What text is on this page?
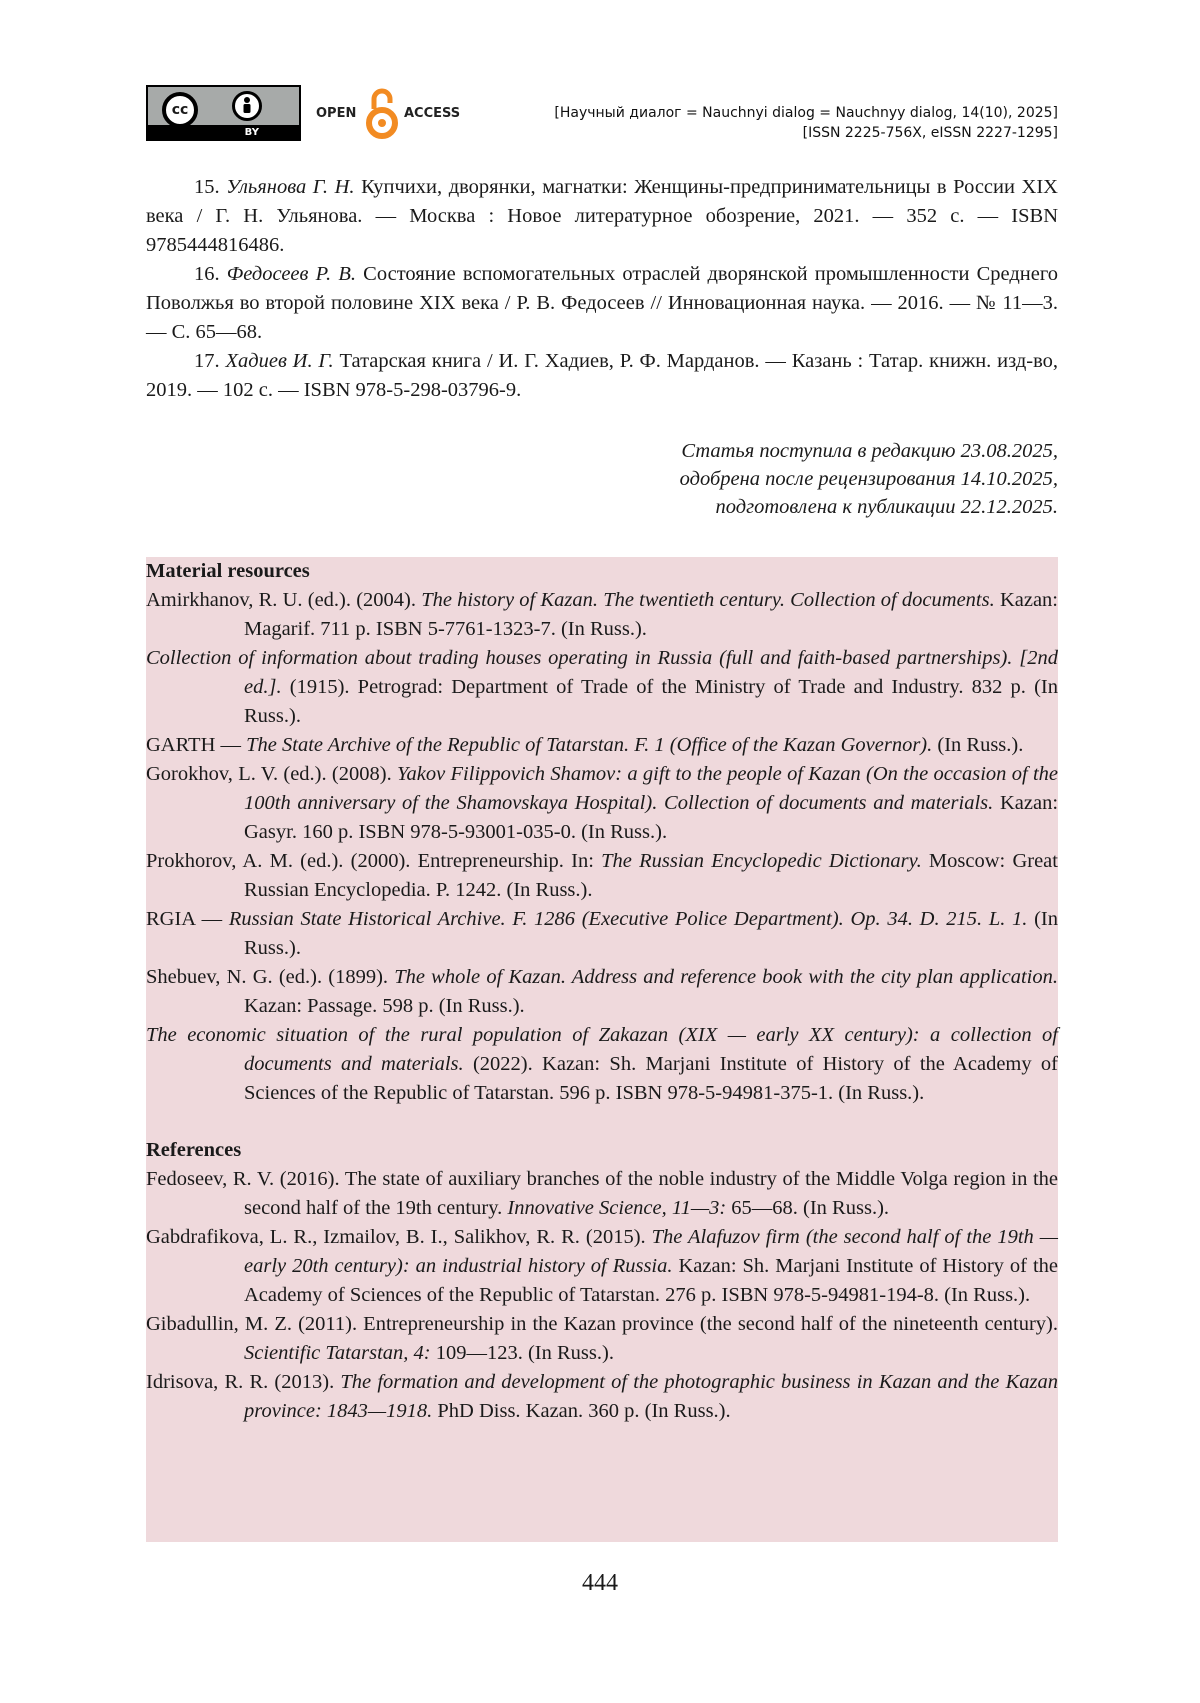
cc
BY
OPEN	ACCESS	[Научный диалог = Nauchnyi dialog = Nauchnyy dialog, 14(10), 2025]
[ISSN 2225-756X, eISSN 2227-1295]

15. Ульянова Г. Н. Купчихи, дворянки, магнатки: Женщины-предпринимательницы в России XIX века / Г. Н. Ульянова. — Москва : Новое литературное обозрение, 2021. — 352 с. — ISBN 9785444816486.

16. Федосеев Р. В. Состояние вспомогательных отраслей дворянской промышленности Среднего Поволжья во второй половине XIX века / Р. В. Федосеев // Инновационная наука. — 2016. — № 11—3. — С. 65—68.

17. Хадиев И. Г. Татарская книга / И. Г. Хадиев, Р. Ф. Марданов. — Казань : Татар. книжн. изд-во, 2019. — 102 с. — ISBN 978-5-298-03796-9.

Статья поступила в редакцию 23.08.2025,
одобрена после рецензирования 14.10.2025,
подготовлена к публикации 22.12.2025.

Material resources

Amirkhanov, R. U. (ed.). (2004). The history of Kazan. The twentieth century. Collection of documents. Kazan: Magarif. 711 p. ISBN 5-7761-1323-7. (In Russ.).

Collection of information about trading houses operating in Russia (full and faith-based partnerships). [2nd ed.]. (1915). Petrograd: Department of Trade of the Ministry of Trade and Industry. 832 p. (In Russ.).

GARTH — The State Archive of the Republic of Tatarstan. F. 1 (Office of the Kazan Governor). (In Russ.).

Gorokhov, L. V. (ed.). (2008). Yakov Filippovich Shamov: a gift to the people of Kazan (On the occasion of the 100th anniversary of the Shamovskaya Hospital). Collection of documents and materials. Kazan: Gasyr. 160 p. ISBN 978-5-93001-035-0. (In Russ.).

Prokhorov, A. M. (ed.). (2000). Entrepreneurship. In: The Russian Encyclopedic Dictionary. Moscow: Great Russian Encyclopedia. P. 1242. (In Russ.).

RGIA — Russian State Historical Archive. F. 1286 (Executive Police Department). Op. 34. D. 215. L. 1. (In Russ.).

Shebuev, N. G. (ed.). (1899). The whole of Kazan. Address and reference book with the city plan application. Kazan: Passage. 598 p. (In Russ.).

The economic situation of the rural population of Zakazan (XIX — early XX century): a collection of documents and materials. (2022). Kazan: Sh. Marjani Institute of History of the Academy of Sciences of the Republic of Tatarstan. 596 p. ISBN 978-5-94981-375-1. (In Russ.).

References

Fedoseev, R. V. (2016). The state of auxiliary branches of the noble industry of the Middle Volga region in the second half of the 19th century. Innovative Science, 11—3: 65—68. (In Russ.).

Gabdrafikova, L. R., Izmailov, B. I., Salikhov, R. R. (2015). The Alafuzov firm (the second half of the 19th — early 20th century): an industrial history of Russia. Kazan: Sh. Marjani Institute of History of the Academy of Sciences of the Republic of Tatarstan. 276 p. ISBN 978-5-94981-194-8. (In Russ.).

Gibadullin, M. Z. (2011). Entrepreneurship in the Kazan province (the second half of the nineteenth century). Scientific Tatarstan, 4: 109—123. (In Russ.).

Idrisova, R. R. (2013). The formation and development of the photographic business in Kazan and the Kazan province: 1843—1918. PhD Diss. Kazan. 360 p. (In Russ.).

444
